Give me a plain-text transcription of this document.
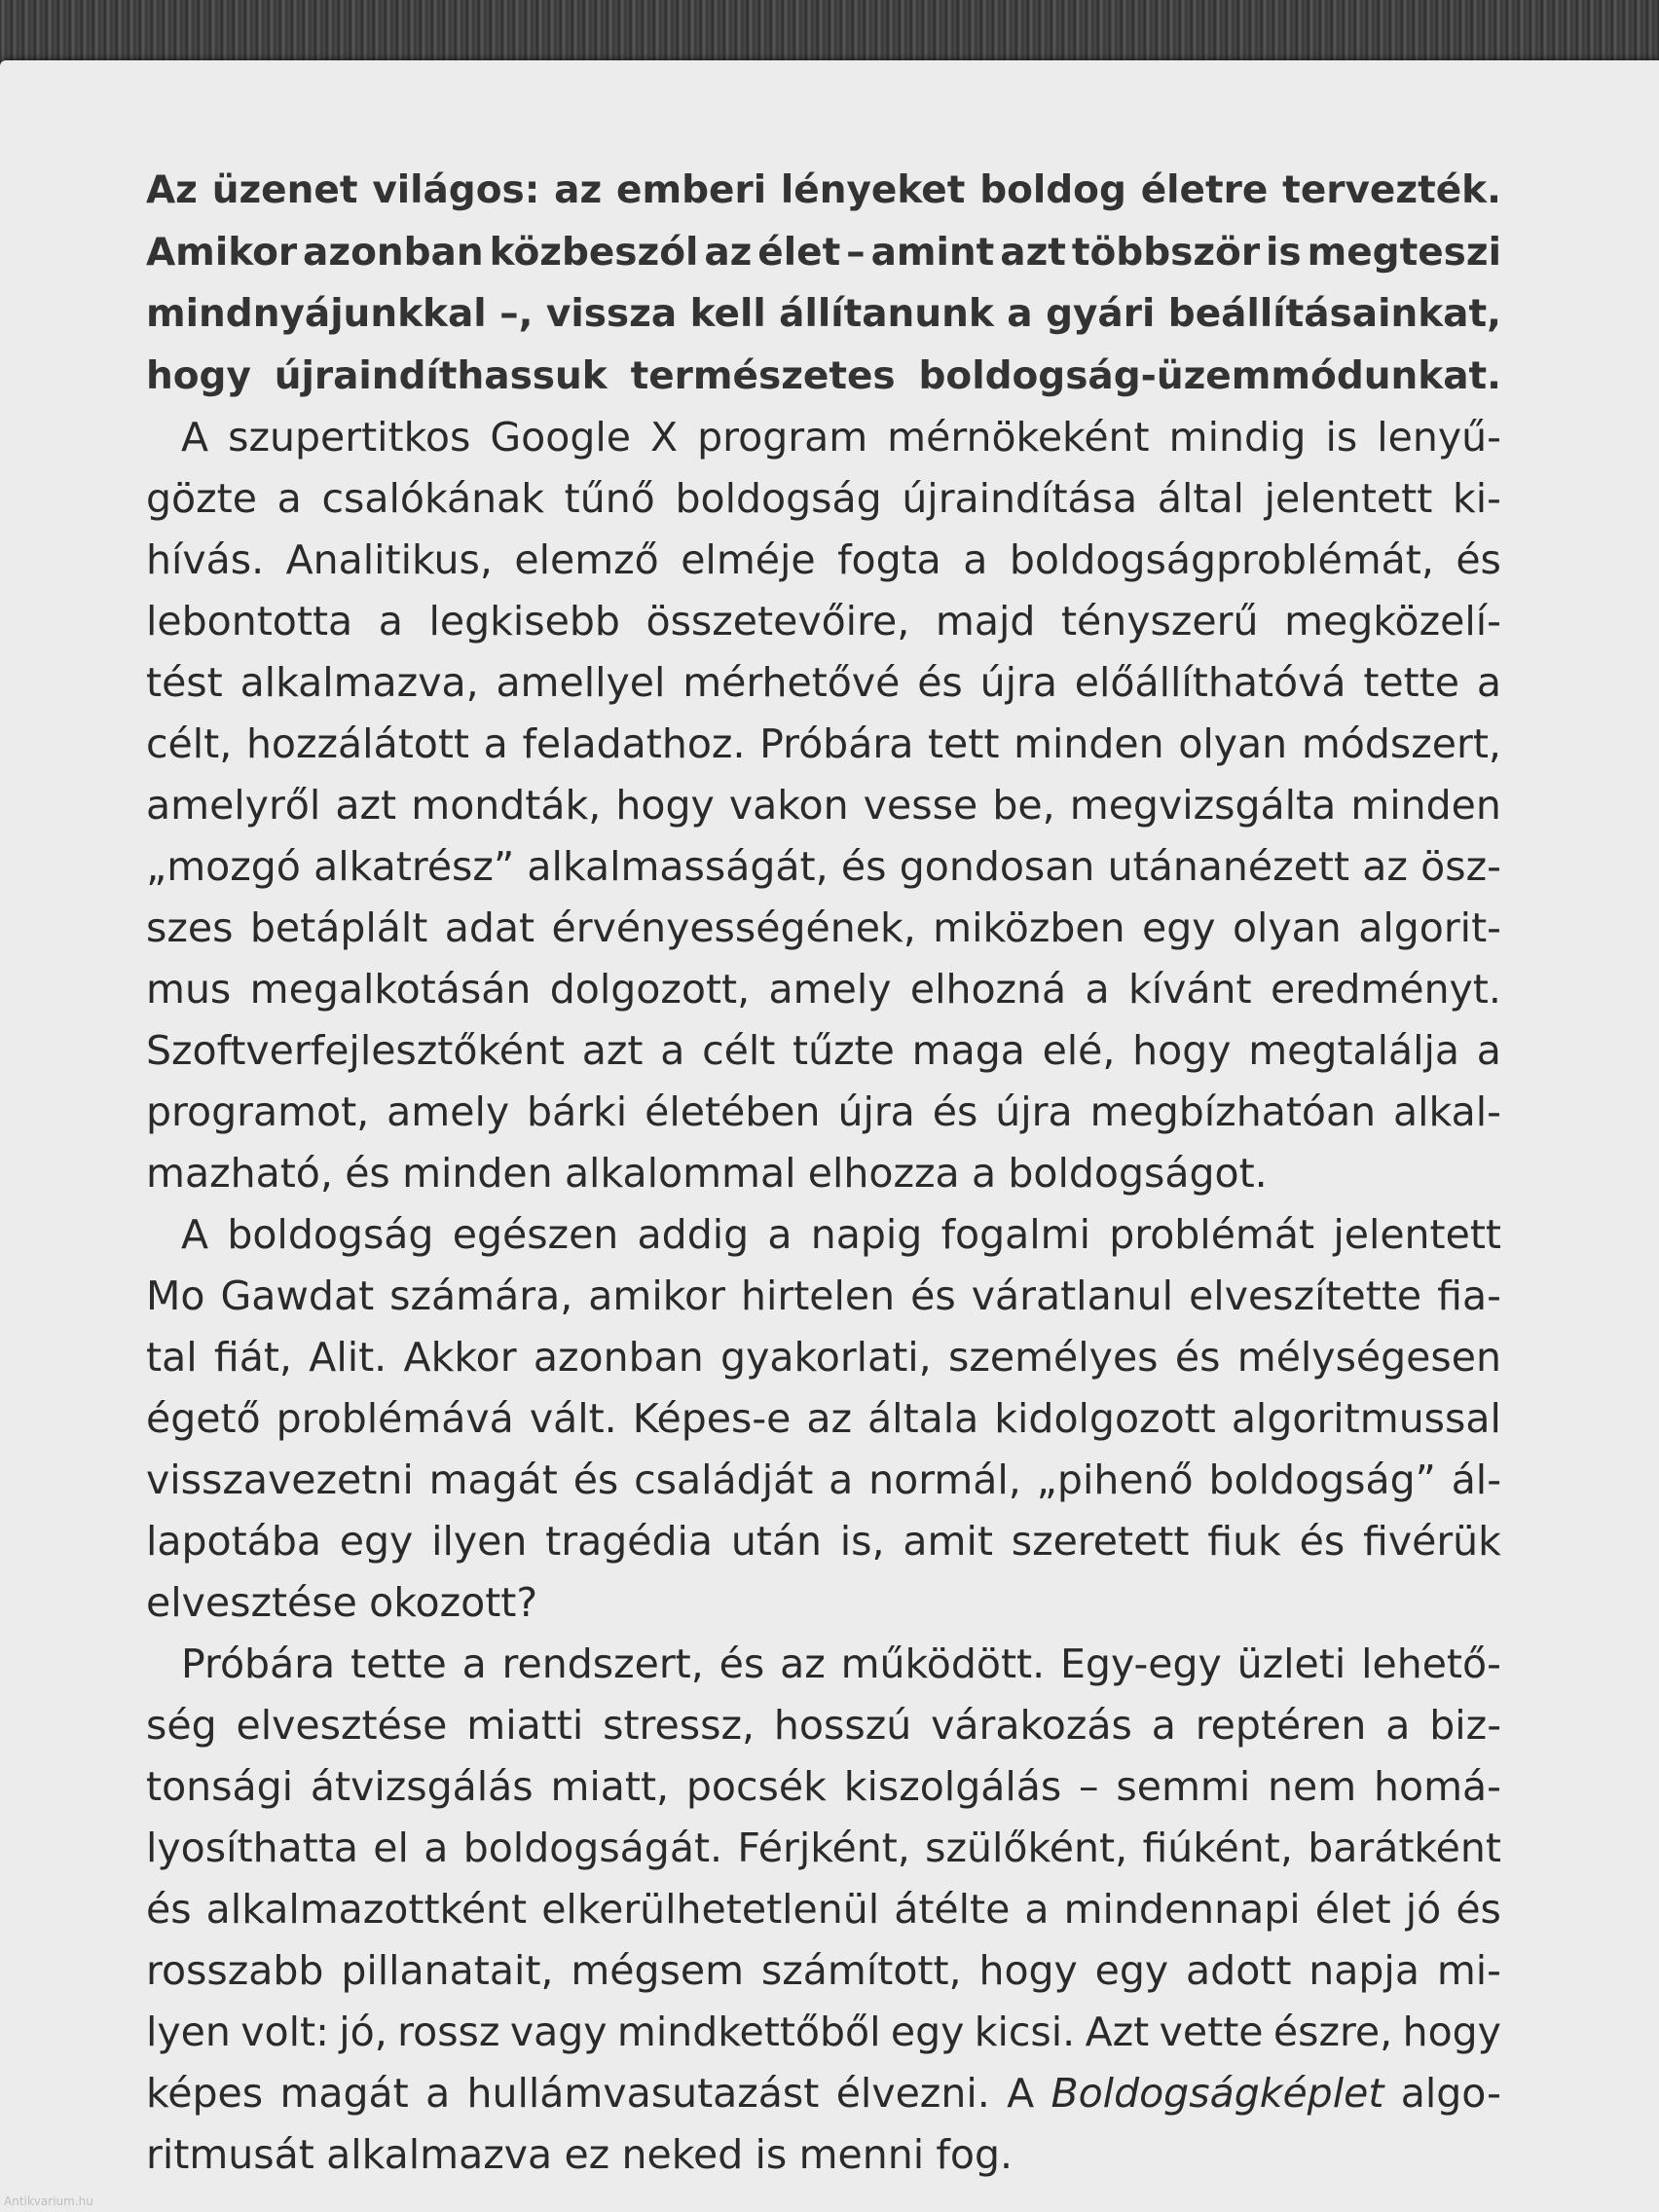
Az üzenet világos: az emberi lényeket boldog életre tervezték.
Amikor azonban közbeszól az élet – amint azt többször is megteszi
mindnyájunkkal –, vissza kell állítanunk a gyári beállításainkat,
hogy újraindíthassuk természetes boldogság-üzemmódunkat.
A szupertitkos Google X program mérnökeként mindig is lenyű-
gözte a csalókának tűnő boldogság újraindítása által jelentett ki-
hívás. Analitikus, elemző elméje fogta a boldogságproblémát, és
lebontotta a legkisebb összetevőire, majd tényszerű megközelí-
tést alkalmazva, amellyel mérhetővé és újra előállíthatóvá tette a
célt, hozzálátott a feladathoz. Próbára tett minden olyan módszert,
amelyről azt mondták, hogy vakon vesse be, megvizsgálta minden
„mozgó alkatrész” alkalmasságát, és gondosan utánanézett az ösz-
szes betáplált adat érvényességének, miközben egy olyan algorit-
mus megalkotásán dolgozott, amely elhozná a kívánt eredményt.
Szoftverfejlesztőként azt a célt tűzte maga elé, hogy megtalálja a
programot, amely bárki életében újra és újra megbízhatóan alkal-
mazható, és minden alkalommal elhozza a boldogságot.
A boldogság egészen addig a napig fogalmi problémát jelentett
Mo Gawdat számára, amikor hirtelen és váratlanul elveszítette fia-
tal fiát, Alit. Akkor azonban gyakorlati, személyes és mélységesen
égető problémává vált. Képes-e az általa kidolgozott algoritmussal
visszavezetni magát és családját a normál, „pihenő boldogság” ál-
lapotába egy ilyen tragédia után is, amit szeretett fiuk és fivérük
elvesztése okozott?
Próbára tette a rendszert, és az működött. Egy-egy üzleti lehető-
ség elvesztése miatti stressz, hosszú várakozás a reptéren a biz-
tonsági átvizsgálás miatt, pocsék kiszolgálás – semmi nem homá-
lyosíthatta el a boldogságát. Férjként, szülőként, fiúként, barátként
és alkalmazottként elkerülhetetlenül átélte a mindennapi élet jó és
rosszabb pillanatait, mégsem számított, hogy egy adott napja mi-
lyen volt: jó, rossz vagy mindkettőből egy kicsi. Azt vette észre, hogy
képes magát a hullámvasutazást élvezni. A Boldogságképlet algo-
ritmusát alkalmazva ez neked is menni fog.
Antikvarium.hu
